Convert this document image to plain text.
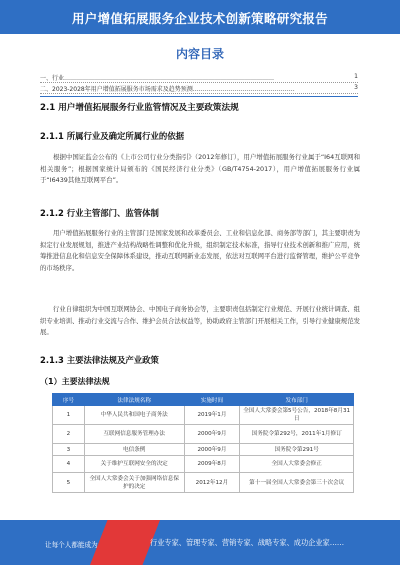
用户增值拓展服务企业技术创新策略研究报告
内容目录
一、行业……………………………………………………………………………………………	1
二、2023-2028年用户增值拓展服务市场需求及趋势预测……………………………………………	3
2.1 用户增值拓展服务行业监管情况及主要政策法规
2.1.1 所属行业及确定所属行业的依据
根据中国证监会公布的《上市公司行业分类指引》（2012年修订），用户增值拓展服务行业属于“I64互联网和相关服务”；根据国家统计局颁布的《国民经济行业分类》（GB/T4754-2017），用户增值拓展服务行业属于“I6439其他互联网平台”。
2.1.2 行业主管部门、监管体制
用户增值拓展服务行业的主管部门是国家发展和改革委员会、工业和信息化部、商务部等部门，其主要职责为拟定行业发展规划，推进产业结构战略性调整和优化升级，组织制定技术标准，指导行业技术创新和推广应用，统筹推进信息化和信息安全保障体系建设，推动互联网新业态发展，依法对互联网平台进行监督管理，维护公平竞争的市场秩序。
行业自律组织为中国互联网协会、中国电子商务协会等，主要职责包括制定行业规范、开展行业统计调查、组织专业培训、推动行业交流与合作、维护会员合法权益等，协助政府主管部门开展相关工作，引导行业健康规范发展。
2.1.3 主要法律法规及产业政策
（1）主要法律法规
序号	法律法规名称	实施时间	发布部门
1	中华人民共和国电子商务法	2019年1月	全国人大常委会第5号公告，2018年8月31日
2	互联网信息服务管理办法	2000年9月	国务院令第292号，2011年1月修订
3	电信条例	2000年9月	国务院令第291号
4	关于维护互联网安全的决定	2009年8月	全国人大常委会修正
5	全国人大常委会关于加强网络信息保护的决定	2012年12月	第十一届全国人大常委会第三十次会议
让每个人都能成为	行业专家、管理专家、营销专家、战略专家、成功企业家……
